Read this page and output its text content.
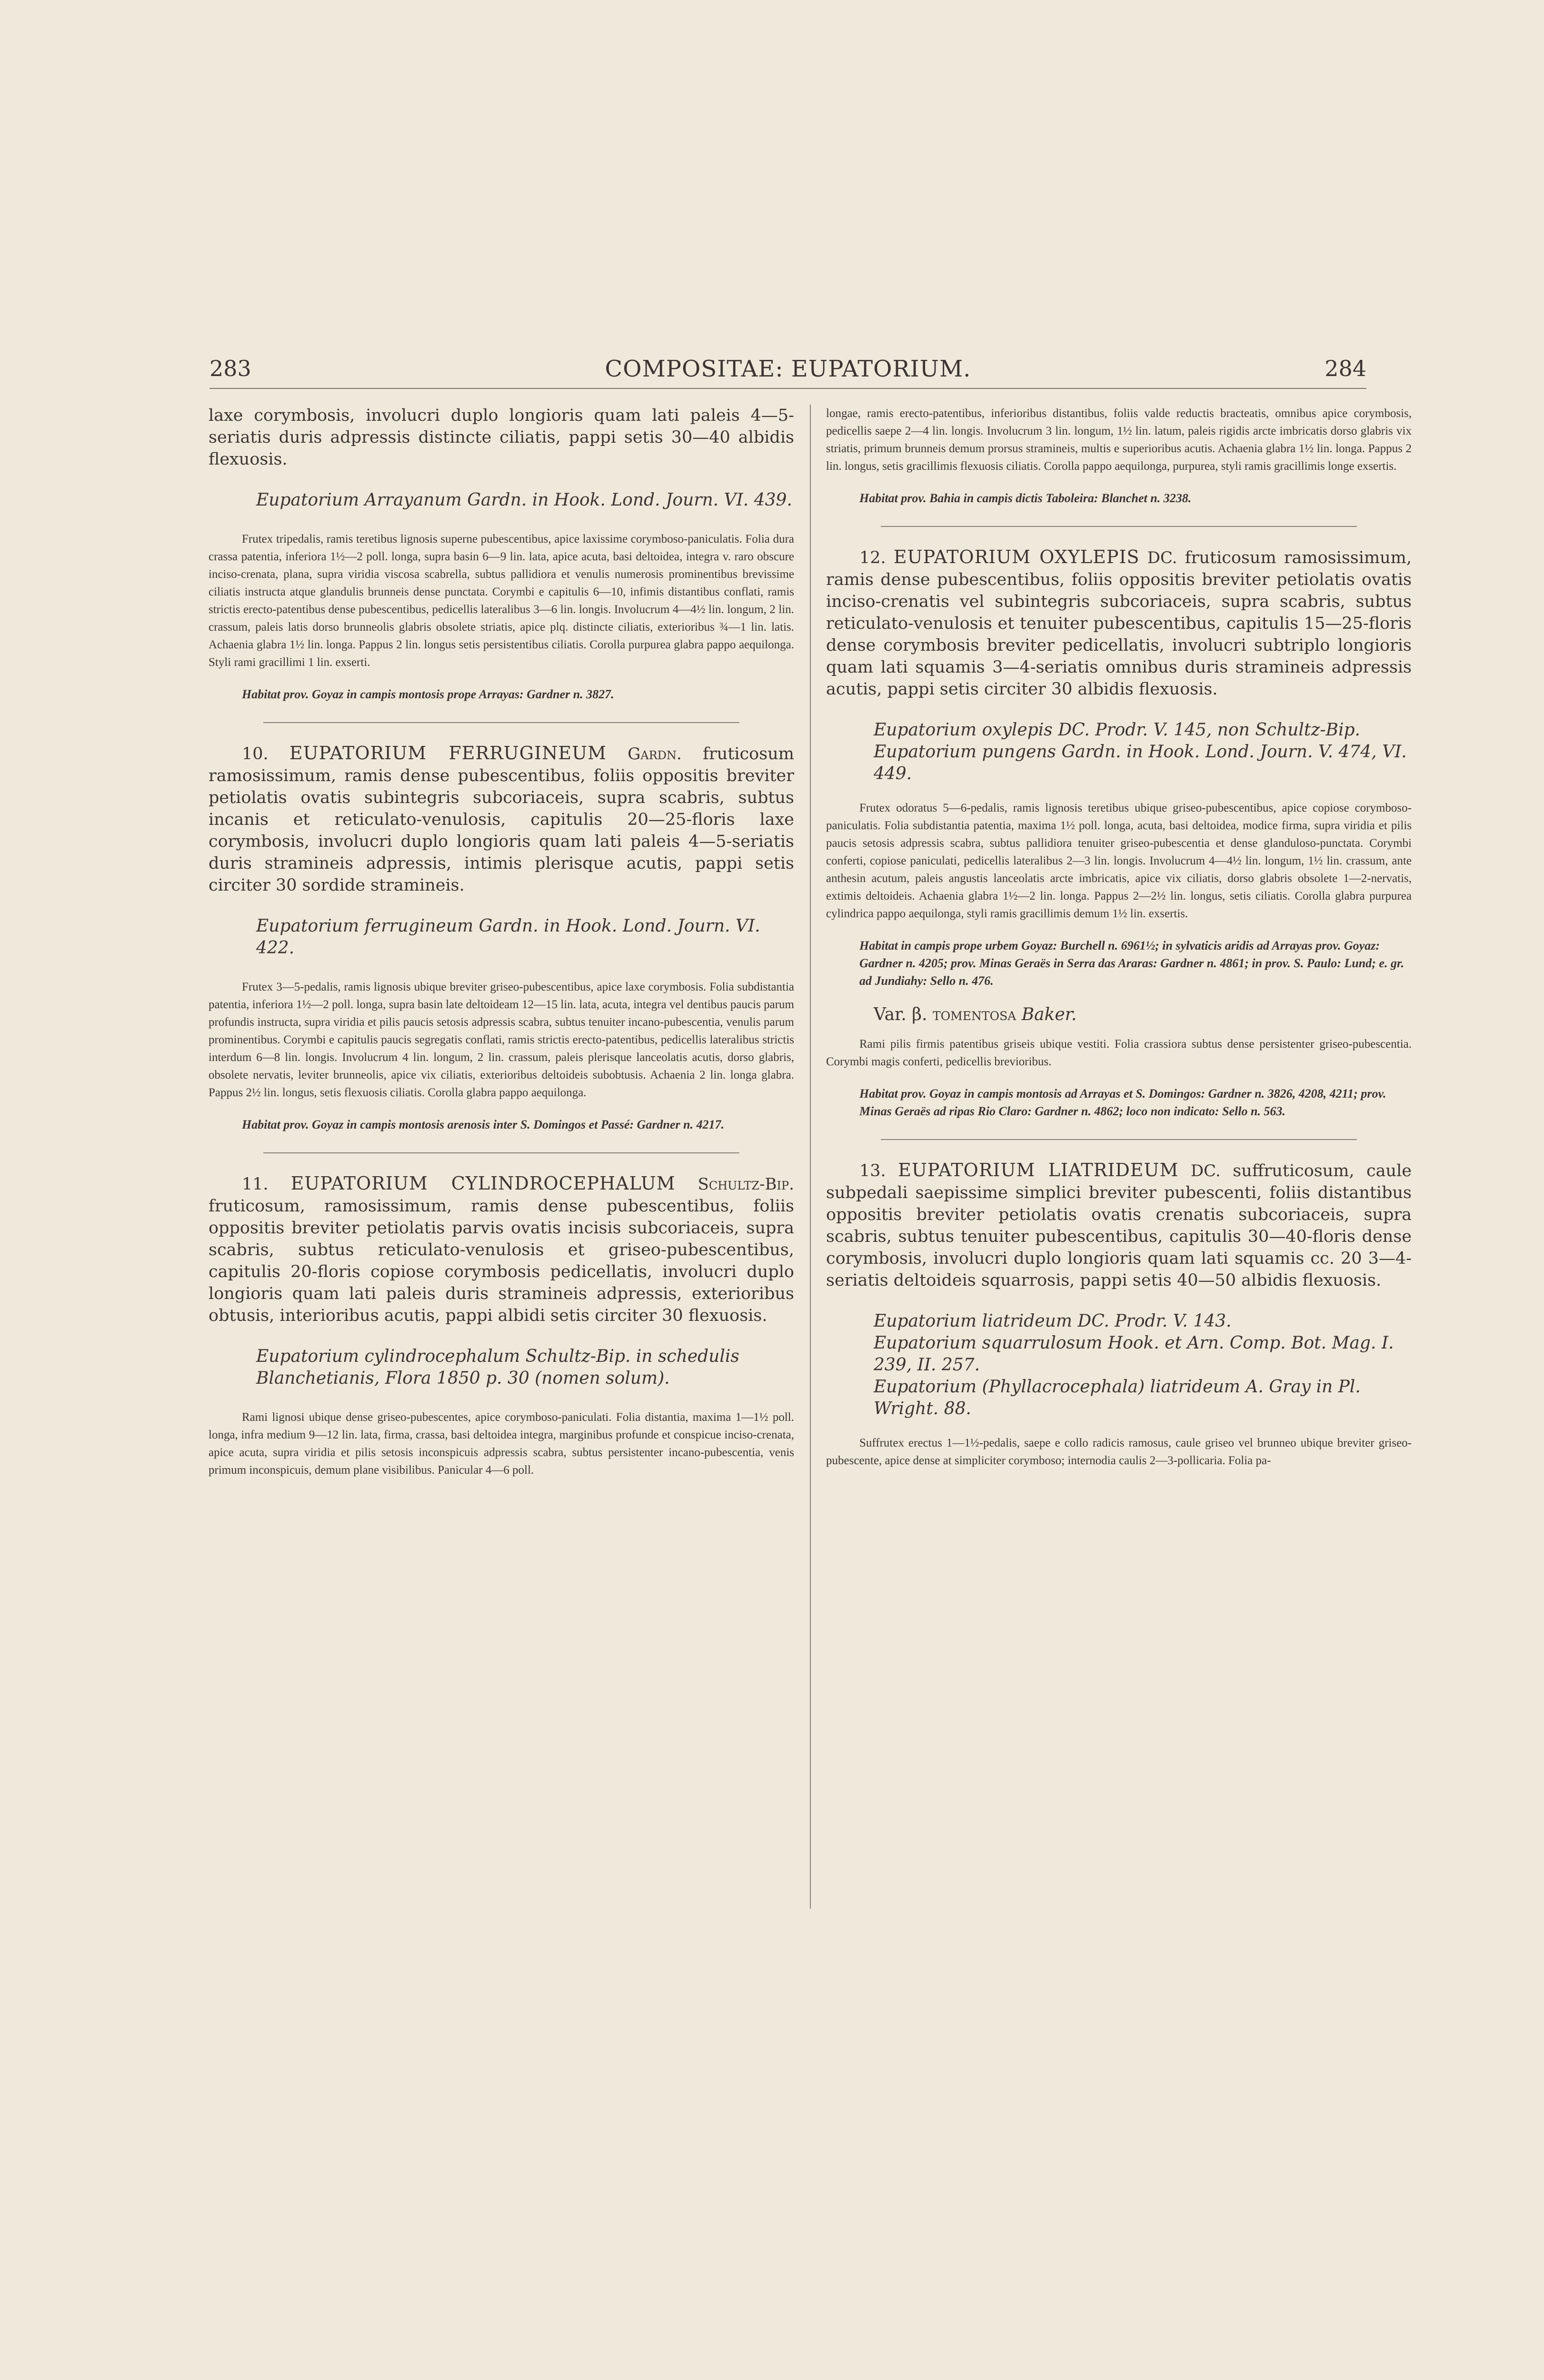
283	COMPOSITAE: EUPATORIUM.	284

laxe corymbosis, involucri duplo longioris quam lati paleis 4—5-seriatis duris adpressis distincte ciliatis, pappi setis 30—40 albidis flexuosis.

Eupatorium Arrayanum Gardn. in Hook. Lond. Journ. VI. 439.

Frutex tripedalis, ramis teretibus lignosis superne pubescentibus, apice laxissime corymboso-paniculatis. Folia dura crassa patentia, inferiora 1½—2 poll. longa, supra basin 6—9 lin. lata, apice acuta, basi deltoidea, integra v. raro obscure inciso-crenata, plana, supra viridia viscosa scabrella, subtus pallidiora et venulis numerosis prominentibus brevissime ciliatis instructa atque glandulis brunneis dense punctata. Corymbi e capitulis 6—10, infimis distantibus conflati, ramis strictis erecto-patentibus dense pubescentibus, pedicellis lateralibus 3—6 lin. longis. Involucrum 4—4½ lin. longum, 2 lin. crassum, paleis latis dorso brunneolis glabris obsolete striatis, apice plq. distincte ciliatis, exterioribus ¾—1 lin. latis. Achaenia glabra 1½ lin. longa. Pappus 2 lin. longus setis persistentibus ciliatis. Corolla purpurea glabra pappo aequilonga. Styli rami gracillimi 1 lin. exserti.

Habitat prov. Goyaz in campis montosis prope Arrayas: Gardner n. 3827.

10. EUPATORIUM FERRUGINEUM Gardn. fruticosum ramosissimum, ramis dense pubescentibus, foliis oppositis breviter petiolatis ovatis subintegris subcoriaceis, supra scabris, subtus incanis et reticulato-venulosis, capitulis 20—25-floris laxe corymbosis, involucri duplo longioris quam lati paleis 4—5-seriatis duris stramineis adpressis, intimis plerisque acutis, pappi setis circiter 30 sordide stramineis.

Eupatorium ferrugineum Gardn. in Hook. Lond. Journ. VI. 422.

Frutex 3—5-pedalis, ramis lignosis ubique breviter griseo-pubescentibus, apice laxe corymbosis. Folia subdistantia patentia, inferiora 1½—2 poll. longa, supra basin late deltoideam 12—15 lin. lata, acuta, integra vel dentibus paucis parum profundis instructa, supra viridia et pilis paucis setosis adpressis scabra, subtus tenuiter incano-pubescentia, venulis parum prominentibus. Corymbi e capitulis paucis segregatis conflati, ramis strictis erecto-patentibus, pedicellis lateralibus strictis interdum 6—8 lin. longis. Involucrum 4 lin. longum, 2 lin. crassum, paleis plerisque lanceolatis acutis, dorso glabris, obsolete nervatis, leviter brunneolis, apice vix ciliatis, exterioribus deltoideis subobtusis. Achaenia 2 lin. longa glabra. Pappus 2½ lin. longus, setis flexuosis ciliatis. Corolla glabra pappo aequilonga.

Habitat prov. Goyaz in campis montosis arenosis inter S. Domingos et Passé: Gardner n. 4217.

11. EUPATORIUM CYLINDROCEPHALUM Schultz-Bip. fruticosum, ramosissimum, ramis dense pubescentibus, foliis oppositis breviter petiolatis parvis ovatis incisis subcoriaceis, supra scabris, subtus reticulato-venulosis et griseo-pubescentibus, capitulis 20-floris copiose corymbosis pedicellatis, involucri duplo longioris quam lati paleis duris stramineis adpressis, exterioribus obtusis, interioribus acutis, pappi albidi setis circiter 30 flexuosis.

Eupatorium cylindrocephalum Schultz-Bip. in schedulis Blanchetianis, Flora 1850 p. 30 (nomen solum).

Rami lignosi ubique dense griseo-pubescentes, apice corymboso-paniculati. Folia distantia, maxima 1—1½ poll. longa, infra medium 9—12 lin. lata, firma, crassa, basi deltoidea integra, marginibus profunde et conspicue inciso-crenata, apice acuta, supra viridia et pilis setosis inconspicuis adpressis scabra, subtus persistenter incano-pubescentia, venis primum inconspicuis, demum plane visibilibus. Panicular 4—6 poll.

longae, ramis erecto-patentibus, inferioribus distantibus, foliis valde reductis bracteatis, omnibus apice corymbosis, pedicellis saepe 2—4 lin. longis. Involucrum 3 lin. longum, 1½ lin. latum, paleis rigidis arcte imbricatis dorso glabris vix striatis, primum brunneis demum prorsus stramineis, multis e superioribus acutis. Achaenia glabra 1½ lin. longa. Pappus 2 lin. longus, setis gracillimis flexuosis ciliatis. Corolla pappo aequilonga, purpurea, styli ramis gracillimis longe exsertis.

Habitat prov. Bahia in campis dictis Taboleira: Blanchet n. 3238.

12. EUPATORIUM OXYLEPIS DC. fruticosum ramosissimum, ramis dense pubescentibus, foliis oppositis breviter petiolatis ovatis inciso-crenatis vel subintegris subcoriaceis, supra scabris, subtus reticulato-venulosis et tenuiter pubescentibus, capitulis 15—25-floris dense corymbosis breviter pedicellatis, involucri subtriplo longioris quam lati squamis 3—4-seriatis omnibus duris stramineis adpressis acutis, pappi setis circiter 30 albidis flexuosis.

Eupatorium oxylepis DC. Prodr. V. 145, non Schultz-Bip.

Eupatorium pungens Gardn. in Hook. Lond. Journ. V. 474, VI. 449.

Frutex odoratus 5—6-pedalis, ramis lignosis teretibus ubique griseo-pubescentibus, apice copiose corymboso-paniculatis. Folia subdistantia patentia, maxima 1½ poll. longa, acuta, basi deltoidea, modice firma, supra viridia et pilis paucis setosis adpressis scabra, subtus pallidiora tenuiter griseo-pubescentia et dense glanduloso-punctata. Corymbi conferti, copiose paniculati, pedicellis lateralibus 2—3 lin. longis. Involucrum 4—4½ lin. longum, 1½ lin. crassum, ante anthesin acutum, paleis angustis lanceolatis arcte imbricatis, apice vix ciliatis, dorso glabris obsolete 1—2-nervatis, extimis deltoideis. Achaenia glabra 1½—2 lin. longa. Pappus 2—2½ lin. longus, setis ciliatis. Corolla glabra purpurea cylindrica pappo aequilonga, styli ramis gracillimis demum 1½ lin. exsertis.

Habitat in campis prope urbem Goyaz: Burchell n. 6961½; in sylvaticis aridis ad Arrayas prov. Goyaz: Gardner n. 4205; prov. Minas Geraës in Serra das Araras: Gardner n. 4861; in prov. S. Paulo: Lund; e. gr. ad Jundiahy: Sello n. 476.

Var. β. tomentosa Baker.

Rami pilis firmis patentibus griseis ubique vestiti. Folia crassiora subtus dense persistenter griseo-pubescentia. Corymbi magis conferti, pedicellis brevioribus.

Habitat prov. Goyaz in campis montosis ad Arrayas et S. Domingos: Gardner n. 3826, 4208, 4211; prov. Minas Geraës ad ripas Rio Claro: Gardner n. 4862; loco non indicato: Sello n. 563.

13. EUPATORIUM LIATRIDEUM DC. suffruticosum, caule subpedali saepissime simplici breviter pubescenti, foliis distantibus oppositis breviter petiolatis ovatis crenatis subcoriaceis, supra scabris, subtus tenuiter pubescentibus, capitulis 30—40-floris dense corymbosis, involucri duplo longioris quam lati squamis cc. 20 3—4-seriatis deltoideis squarrosis, pappi setis 40—50 albidis flexuosis.

Eupatorium liatrideum DC. Prodr. V. 143.

Eupatorium squarrulosum Hook. et Arn. Comp. Bot. Mag. I. 239, II. 257.

Eupatorium (Phyllacrocephala) liatrideum A. Gray in Pl. Wright. 88.

Suffrutex erectus 1—1½-pedalis, saepe e collo radicis ramosus, caule griseo vel brunneo ubique breviter griseo-pubescente, apice dense at simpliciter corymboso; internodia caulis 2—3-pollicaria. Folia pa-
